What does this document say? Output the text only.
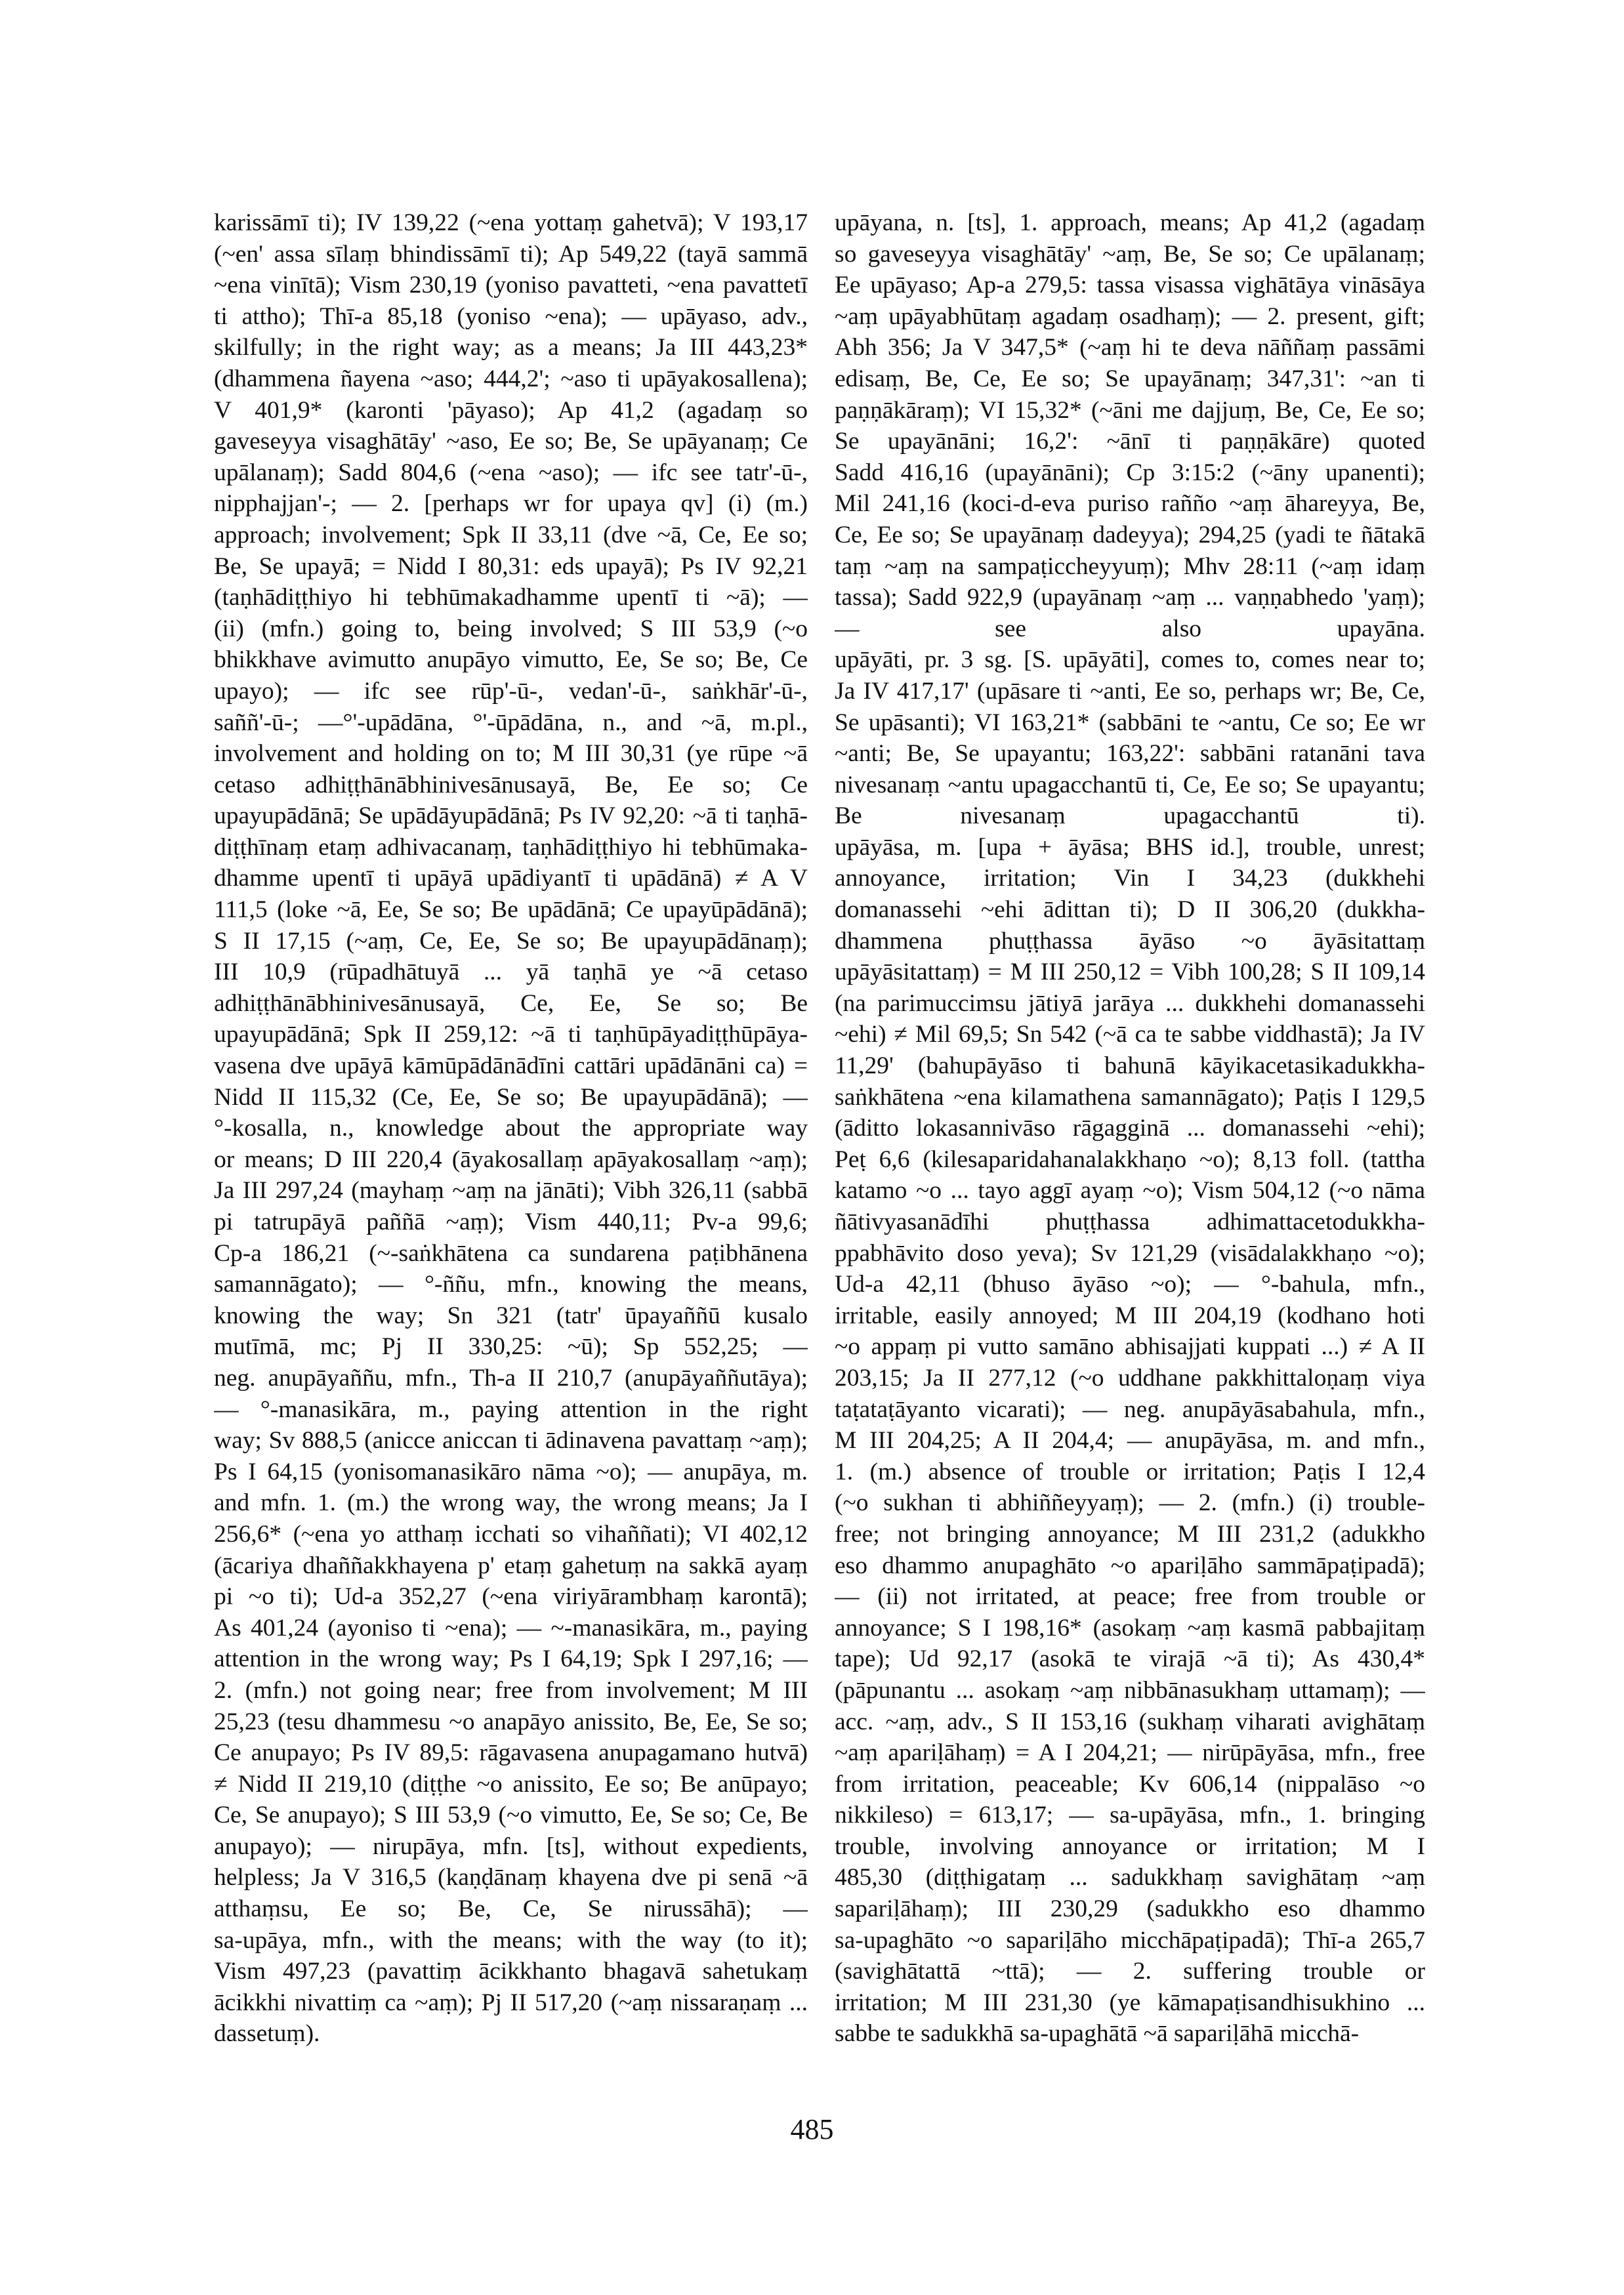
karissāmī ti); IV 139,22 (~ena yottaṃ gahetvā); V 193,17
(~en' assa sīlaṃ bhindissāmī ti); Ap 549,22 (tayā sammā
~ena vinītā); Vism 230,19 (yoniso pavatteti, ~ena pavattetī
ti attho); Thī-a 85,18 (yoniso ~ena); — upāyaso, adv.,
skilfully; in the right way; as a means; Ja III 443,23*
(dhammena ñayena ~aso; 444,2'; ~aso ti upāyakosallena);
V 401,9* (karonti 'pāyaso); Ap 41,2 (agadaṃ so
gaveseyya visaghātāy' ~aso, Ee so; Be, Se upāyanaṃ; Ce
upālanaṃ); Sadd 804,6 (~ena ~aso); — ifc see tatr'-ū-,
nipphajjan'-; — 2. [perhaps wr for upaya qv] (i) (m.)
approach; involvement; Spk II 33,11 (dve ~ā, Ce, Ee so;
Be, Se upayā; = Nidd I 80,31: eds upayā); Ps IV 92,21
(taṇhādiṭṭhiyo hi tebhūmakadhamme upentī ti ~ā); —
(ii) (mfn.) going to, being involved; S III 53,9 (~o
bhikkhave avimutto anupāyo vimutto, Ee, Se so; Be, Ce
upayo); — ifc see rūp'-ū-, vedan'-ū-, saṅkhār'-ū-,
saññ'-ū-; —°'-upādāna, °'-ūpādāna, n., and ~ā, m.pl.,
involvement and holding on to; M III 30,31 (ye rūpe ~ā
cetaso adhiṭṭhānābhinivesānusayā, Be, Ee so; Ce
upayupādānā; Se upādāyupādānā; Ps IV 92,20: ~ā ti taṇhā-
diṭṭhīnaṃ etaṃ adhivacanaṃ, taṇhādiṭṭhiyo hi tebhūmaka-
dhamme upentī ti upāyā upādiyantī ti upādānā) ≠ A V
111,5 (loke ~ā, Ee, Se so; Be upādānā; Ce upayūpādānā);
S II 17,15 (~aṃ, Ce, Ee, Se so; Be upayupādānaṃ);
III 10,9 (rūpadhātuyā ... yā taṇhā ye ~ā cetaso
adhiṭṭhānābhinivesānusayā, Ce, Ee, Se so; Be
upayupādānā; Spk II 259,12: ~ā ti taṇhūpāyadiṭṭhūpāya-
vasena dve upāyā kāmūpādānādīni cattāri upādānāni ca) =
Nidd II 115,32 (Ce, Ee, Se so; Be upayupādānā); —
°-kosalla, n., knowledge about the appropriate way
or means; D III 220,4 (āyakosallaṃ apāyakosallaṃ ~aṃ);
Ja III 297,24 (mayhaṃ ~aṃ na jānāti); Vibh 326,11 (sabbā
pi tatrupāyā paññā ~aṃ); Vism 440,11; Pv-a 99,6;
Cp-a 186,21 (~-saṅkhātena ca sundarena paṭibhānena
samannāgato); — °-ññu, mfn., knowing the means,
knowing the way; Sn 321 (tatr' ūpayaññū kusalo
mutīmā, mc; Pj II 330,25: ~ū); Sp 552,25; —
neg. anupāyaññu, mfn., Th-a II 210,7 (anupāyaññutāya);
— °-manasikāra, m., paying attention in the right
way; Sv 888,5 (anicce aniccan ti ādinavena pavattaṃ ~aṃ);
Ps I 64,15 (yonisomanasikāro nāma ~o); — anupāya, m.
and mfn. 1. (m.) the wrong way, the wrong means; Ja I
256,6* (~ena yo atthaṃ icchati so vihaññati); VI 402,12
(ācariya dhaññakkhayena p' etaṃ gahetuṃ na sakkā ayaṃ
pi ~o ti); Ud-a 352,27 (~ena viriyārambhaṃ karontā);
As 401,24 (ayoniso ti ~ena); — ~-manasikāra, m., paying
attention in the wrong way; Ps I 64,19; Spk I 297,16; —
2. (mfn.) not going near; free from involvement; M III
25,23 (tesu dhammesu ~o anapāyo anissito, Be, Ee, Se so;
Ce anupayo; Ps IV 89,5: rāgavasena anupagamano hutvā)
≠ Nidd II 219,10 (diṭṭhe ~o anissito, Ee so; Be anūpayo;
Ce, Se anupayo); S III 53,9 (~o vimutto, Ee, Se so; Ce, Be
anupayo); — nirupāya, mfn. [ts], without expedients,
helpless; Ja V 316,5 (kaṇḍānaṃ khayena dve pi senā ~ā
atthaṃsu, Ee so; Be, Ce, Se nirussāhā); —
sa-upāya, mfn., with the means; with the way (to it);
Vism 497,23 (pavattiṃ ācikkhanto bhagavā sahetukaṃ
ācikkhi nivattiṃ ca ~aṃ); Pj II 517,20 (~aṃ nissaraṇaṃ ...
dassetuṃ).
upāyana, n. [ts], 1. approach, means; Ap 41,2 (agadaṃ
so gaveseyya visaghātāy' ~aṃ, Be, Se so; Ce upālanaṃ;
Ee upāyaso; Ap-a 279,5: tassa visassa vighātāya vināsāya
~aṃ upāyabhūtaṃ agadaṃ osadhaṃ); — 2. present, gift;
Abh 356; Ja V 347,5* (~aṃ hi te deva nāññaṃ passāmi
edisaṃ, Be, Ce, Ee so; Se upayānaṃ; 347,31': ~an ti
paṇṇākāraṃ); VI 15,32* (~āni me dajjuṃ, Be, Ce, Ee so;
Se upayānāni; 16,2': ~ānī ti paṇṇākāre) quoted
Sadd 416,16 (upayānāni); Cp 3:15:2 (~āny upanenti);
Mil 241,16 (koci-d-eva puriso rañño ~aṃ āhareyya, Be,
Ce, Ee so; Se upayānaṃ dadeyya); 294,25 (yadi te ñātakā
taṃ ~aṃ na sampaṭiccheyyuṃ); Mhv 28:11 (~aṃ idaṃ
tassa); Sadd 922,9 (upayānaṃ ~aṃ ... vaṇṇabhedo 'yaṃ);
— see also upayāna.
upāyāti, pr. 3 sg. [S. upāyāti], comes to, comes near to;
Ja IV 417,17' (upāsare ti ~anti, Ee so, perhaps wr; Be, Ce,
Se upāsanti); VI 163,21* (sabbāni te ~antu, Ce so; Ee wr
~anti; Be, Se upayantu; 163,22': sabbāni ratanāni tava
nivesanaṃ ~antu upagacchantū ti, Ce, Ee so; Se upayantu;
Be nivesanaṃ upagacchantū ti).
upāyāsa, m. [upa + āyāsa; BHS id.], trouble, unrest;
annoyance, irritation; Vin I 34,23 (dukkhehi
domanassehi ~ehi ādittan ti); D II 306,20 (dukkha-
dhammena phuṭṭhassa āyāso ~o āyāsitattaṃ
upāyāsitattaṃ) = M III 250,12 = Vibh 100,28; S II 109,14
(na parimuccimsu jātiyā jarāya ... dukkhehi domanassehi
~ehi) ≠ Mil 69,5; Sn 542 (~ā ca te sabbe viddhastā); Ja IV
11,29' (bahupāyāso ti bahunā kāyikacetasikadukkha-
saṅkhātena ~ena kilamathena samannāgato); Paṭis I 129,5
(āditto lokasannivāso rāgagginā ... domanassehi ~ehi);
Peṭ 6,6 (kilesaparidahanalakkhaṇo ~o); 8,13 foll. (tattha
katamo ~o ... tayo aggī ayaṃ ~o); Vism 504,12 (~o nāma
ñātivyasanādīhi phuṭṭhassa adhimattacetodukkha-
ppabhāvito doso yeva); Sv 121,29 (visādalakkhaṇo ~o);
Ud-a 42,11 (bhuso āyāso ~o); — °-bahula, mfn.,
irritable, easily annoyed; M III 204,19 (kodhano hoti
~o appaṃ pi vutto samāno abhisajjati kuppati ...) ≠ A II
203,15; Ja II 277,12 (~o uddhane pakkhittaloṇaṃ viya
taṭataṭāyanto vicarati); — neg. anupāyāsabahula, mfn.,
M III 204,25; A II 204,4; — anupāyāsa, m. and mfn.,
1. (m.) absence of trouble or irritation; Paṭis I 12,4
(~o sukhan ti abhiññeyyaṃ); — 2. (mfn.) (i) trouble-
free; not bringing annoyance; M III 231,2 (adukkho
eso dhammo anupaghāto ~o apariḷāho sammāpaṭipadā);
— (ii) not irritated, at peace; free from trouble or
annoyance; S I 198,16* (asokaṃ ~aṃ kasmā pabbajitaṃ
tape); Ud 92,17 (asokā te virajā ~ā ti); As 430,4*
(pāpunantu ... asokaṃ ~aṃ nibbānasukhaṃ uttamaṃ); —
acc. ~aṃ, adv., S II 153,16 (sukhaṃ viharati avighātaṃ
~aṃ apariḷāhaṃ) = A I 204,21; — nirūpāyāsa, mfn., free
from irritation, peaceable; Kv 606,14 (nippalāso ~o
nikkileso) = 613,17; — sa-upāyāsa, mfn., 1. bringing
trouble, involving annoyance or irritation; M I
485,30 (diṭṭhigataṃ ... sadukkhaṃ savighātaṃ ~aṃ
sapariḷāhaṃ); III 230,29 (sadukkho eso dhammo
sa-upaghāto ~o sapariḷāho micchāpaṭipadā); Thī-a 265,7
(savighātattā ~ttā); — 2. suffering trouble or
irritation; M III 231,30 (ye kāmapaṭisandhisukhino ...
sabbe te sadukkhā sa-upaghātā ~ā sapariḷāhā micchā-
485
